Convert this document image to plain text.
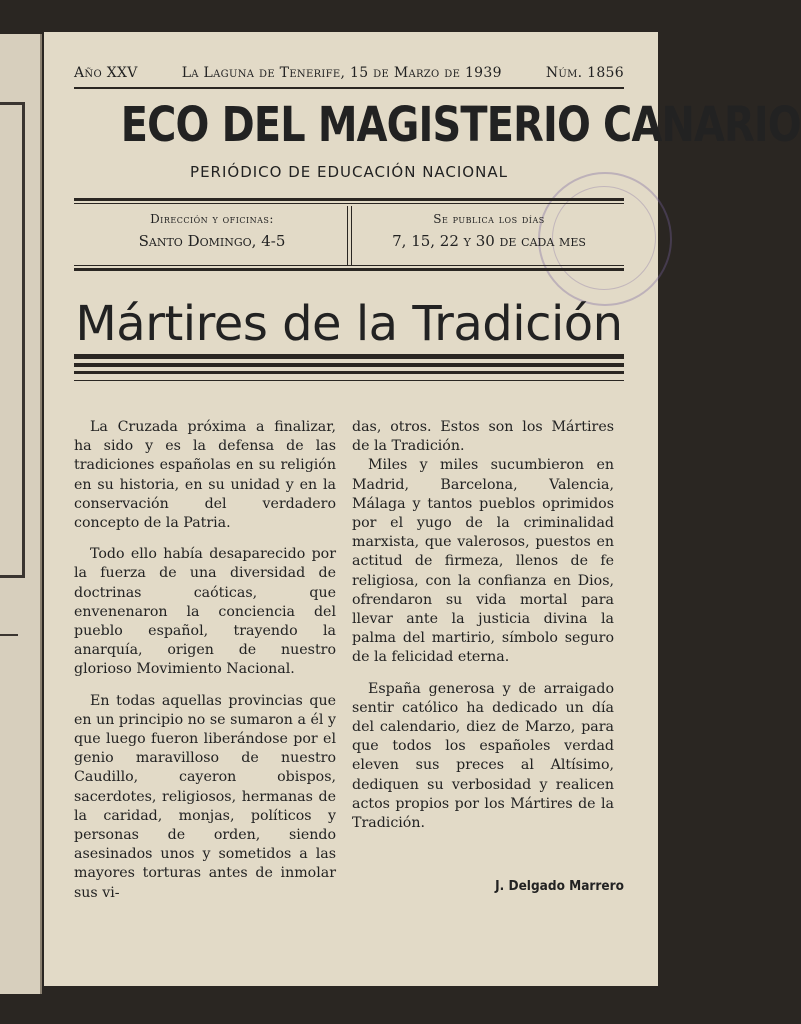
Año XXV	La Laguna de Tenerife, 15 de Marzo de 1939	Núm. 1856
ECO DEL MAGISTERIO CANARIO
PERIÓDICO DE EDUCACIÓN NACIONAL
Dirección y oficinas:
Santo Domingo, 4-5
Se publica los días
7, 15, 22 y 30 de cada mes
Mártires de la Tradición

La Cruzada próxima a finalizar, ha sido y es la defensa de las tradiciones españolas en su religión en su historia, en su unidad y en la conservación del verdadero concepto de la Patria.

Todo ello había desaparecido por la fuerza de una diversidad de doctrinas caóticas, que envenenaron la conciencia del pueblo español, trayendo la anarquía, origen de nuestro glorioso Movimiento Nacional.

En todas aquellas provincias que en un principio no se sumaron a él y que luego fueron liberándose por el genio maravilloso de nuestro Caudillo, cayeron obispos, sacerdotes, religiosos, hermanas de la caridad, monjas, políticos y personas de orden, siendo asesinados unos y sometidos a las mayores torturas antes de inmolar sus vi-

das, otros. Estos son los Mártires de la Tradición.

Miles y miles sucumbieron en Madrid, Barcelona, Valencia, Málaga y tantos pueblos oprimidos por el yugo de la criminalidad marxista, que valerosos, puestos en actitud de firmeza, llenos de fe religiosa, con la confianza en Dios, ofrendaron su vida mortal para llevar ante la justicia divina la palma del martirio, símbolo seguro de la felicidad eterna.

España generosa y de arraigado sentir católico ha dedicado un día del calendario, diez de Marzo, para que todos los españoles verdad eleven sus preces al Altísimo, dediquen su verbosidad y realicen actos propios por los Mártires de la Tradición.

J. Delgado Marrero
